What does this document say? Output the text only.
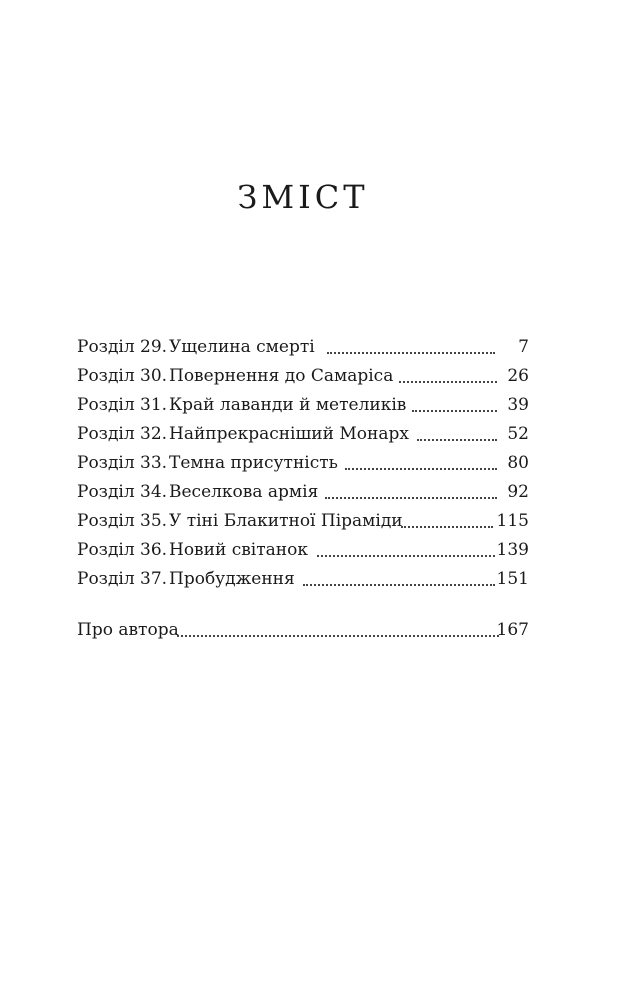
ЗМІСТ
Розділ 29. Ущелина смерті	7
Розділ 30. Повернення до Самаріса	26
Розділ 31. Край лаванди й метеликів	39
Розділ 32. Найпрекрасніший Монарх	52
Розділ 33. Темна присутність	80
Розділ 34. Веселкова армія	92
Розділ 35. У тіні Блакитної Піраміди	115
Розділ 36. Новий світанок	139
Розділ 37. Пробудження	151
Про автора	167
